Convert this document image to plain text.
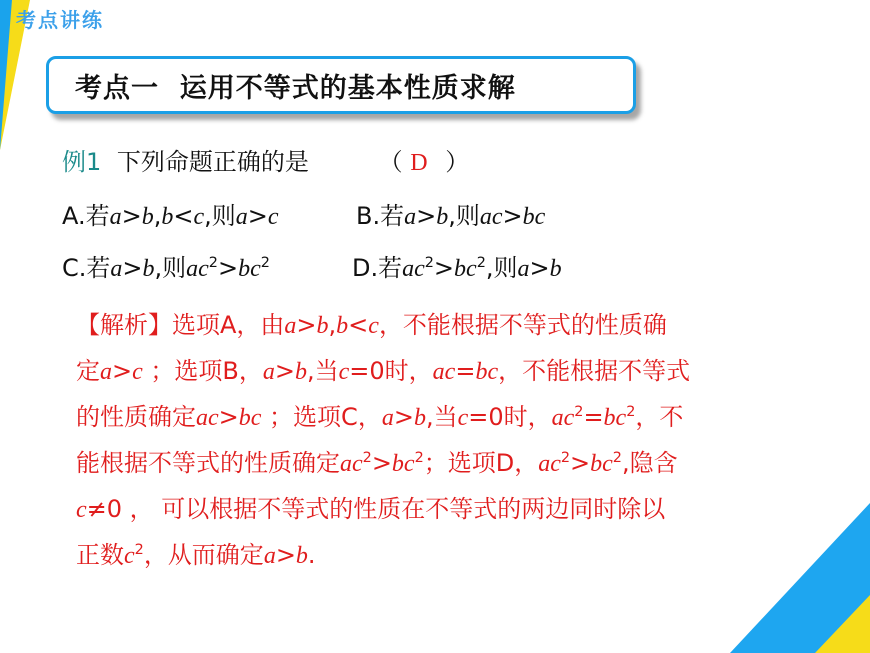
考点讲练
考点一  运用不等式的基本性质求解
例1 下列命题正确的是	（ D ）
A.若a>b,b<c,则a>c	B.若a>b,则ac>bc
C.若a>b,则$ac^2>bc^2$	D.若$ac^2>bc^2$,则a>b
【解析】选项A，由a>b,b<c，不能根据不等式的性质确
定a>c ；选项B，a>b,当c=0时，ac=bc，不能根据不等式
的性质确定ac>bc ；选项C，a>b,当c=0时，$ac^2=bc^2$，不
能根据不等式的性质确定$ac^2>bc^2$；选项D，$ac^2>bc^2$,隐含
c≠0 ， 可以根据不等式的性质在不等式的两边同时除以
正数$c^2$，从而确定a>b.
